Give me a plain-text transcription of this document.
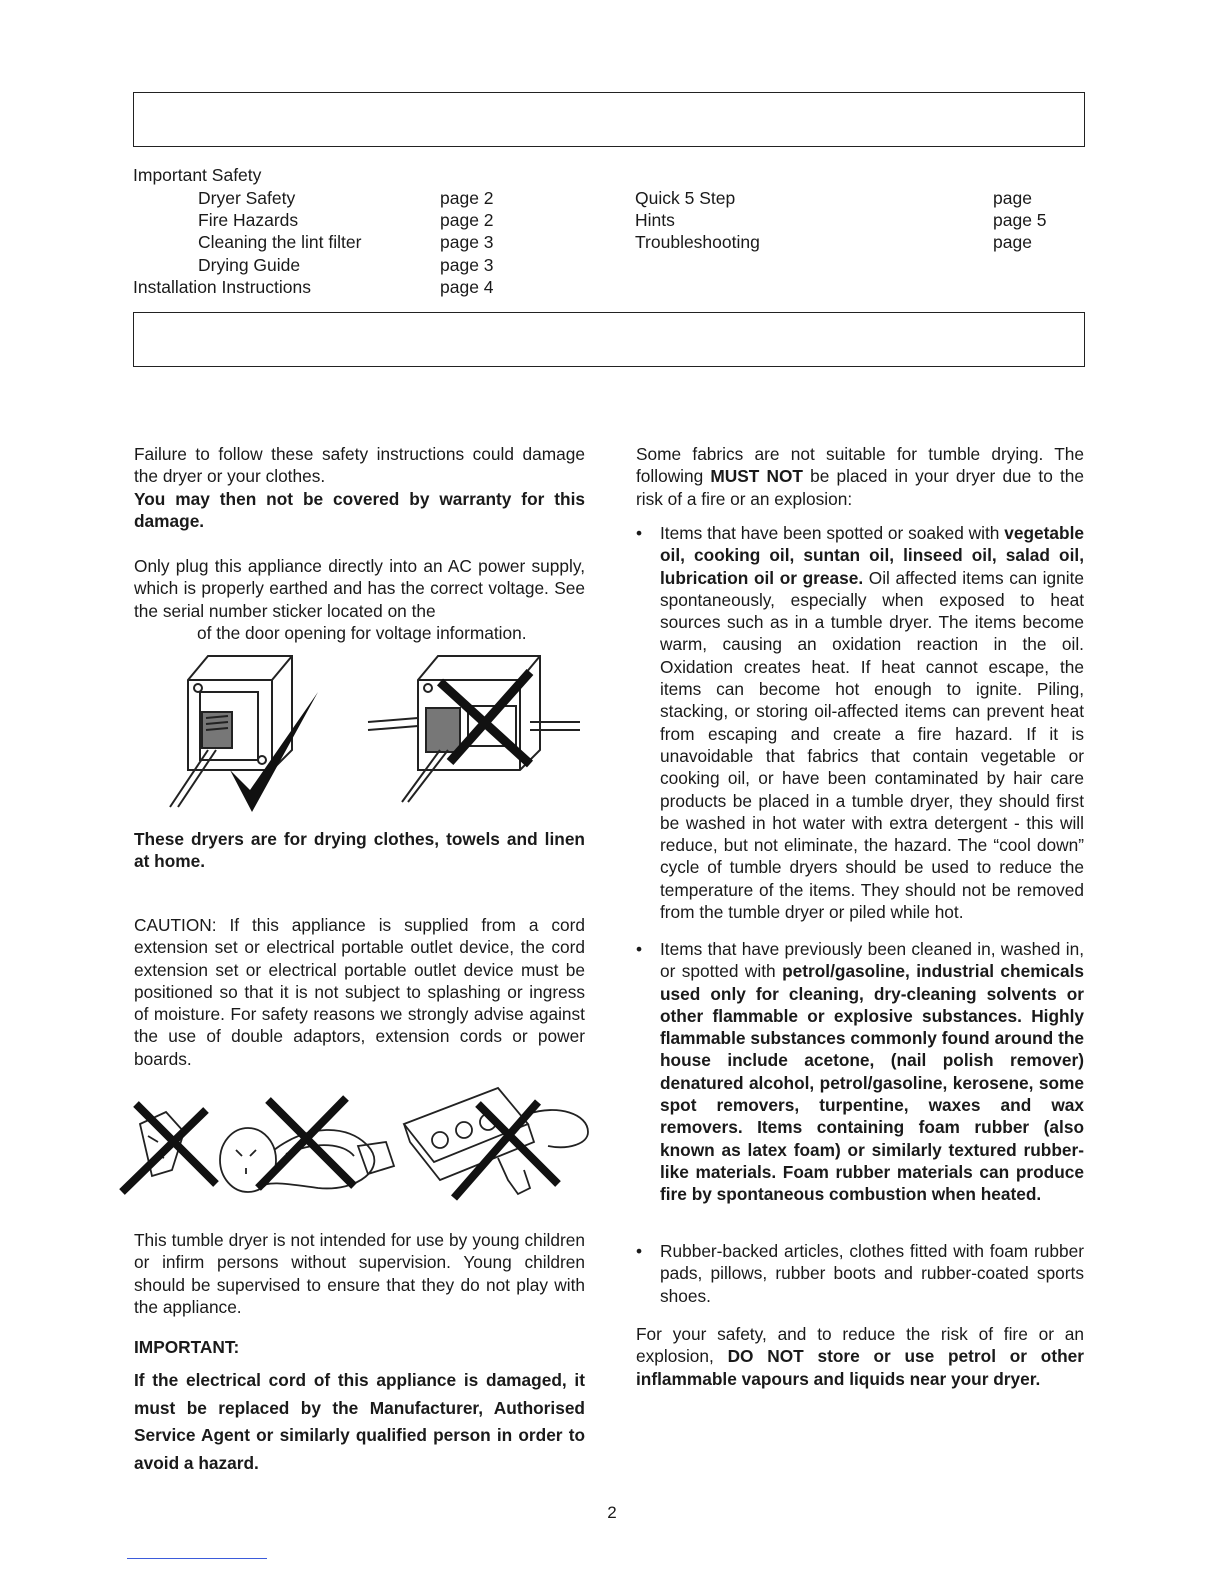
Important Safety
Dryer Safety	page 2
Fire Hazards	page 2
Cleaning the lint filter	page 3
Drying Guide	page 3
Installation Instructions	page 4
Quick 5 Step	page
Hints	page 5
Troubleshooting	page

Failure to follow these safety instructions could damage the dryer or your clothes.

You may then not be covered by warranty for this damage.

Only plug this appliance directly into an AC power supply, which is properly earthed and has the correct voltage. See the serial number sticker located on the

of the door opening for voltage information.

These dryers are for drying clothes, towels and linen at home.

CAUTION: If this appliance is supplied from a cord extension set or electrical portable outlet device, the cord extension set or electrical portable outlet device must be positioned so that it is not subject to splashing or ingress of moisture. For safety reasons we strongly advise against the use of double adaptors, extension cords or power boards.

This tumble dryer is not intended for use by young children or infirm persons without supervision. Young children should be supervised to ensure that they do not play with the appliance.

IMPORTANT:

If the electrical cord of this appliance is damaged, it must be replaced by the Manufacturer, Authorised Service Agent or similarly qualified person in order to avoid a hazard.

Some fabrics are not suitable for tumble drying. The following MUST NOT be placed in your dryer due to the risk of a fire or an explosion:

• Items that have been spotted or soaked with vegetable oil, cooking oil, suntan oil, linseed oil, salad oil, lubrication oil or grease. Oil affected items can ignite spontaneously, especially when exposed to heat sources such as in a tumble dryer. The items become warm, causing an oxidation reaction in the oil. Oxidation creates heat. If heat cannot escape, the items can become hot enough to ignite. Piling, stacking, or storing oil-affected items can prevent heat from escaping and create a fire hazard. If it is unavoidable that fabrics that contain vegetable or cooking oil, or have been contaminated by hair care products be placed in a tumble dryer, they should first be washed in hot water with extra detergent - this will reduce, but not eliminate, the hazard. The “cool down” cycle of tumble dryers should be used to reduce the temperature of the items. They should not be removed from the tumble dryer or piled while hot.
• Items that have previously been cleaned in, washed in, or spotted with petrol/gasoline, industrial chemicals used only for cleaning, dry-cleaning solvents or other flammable or explosive substances. Highly flammable substances commonly found around the house include acetone, (nail polish remover) denatured alcohol, petrol/gasoline, kerosene, some spot removers, turpentine, waxes and wax removers. Items containing foam rubber (also known as latex foam) or similarly textured rubber-like materials. Foam rubber materials can produce fire by spontaneous combustion when heated.
• Rubber-backed articles, clothes fitted with foam rubber pads, pillows, rubber boots and rubber-coated sports shoes.

For your safety, and to reduce the risk of fire or an explosion, DO NOT store or use petrol or other inflammable vapours and liquids near your dryer.

2
